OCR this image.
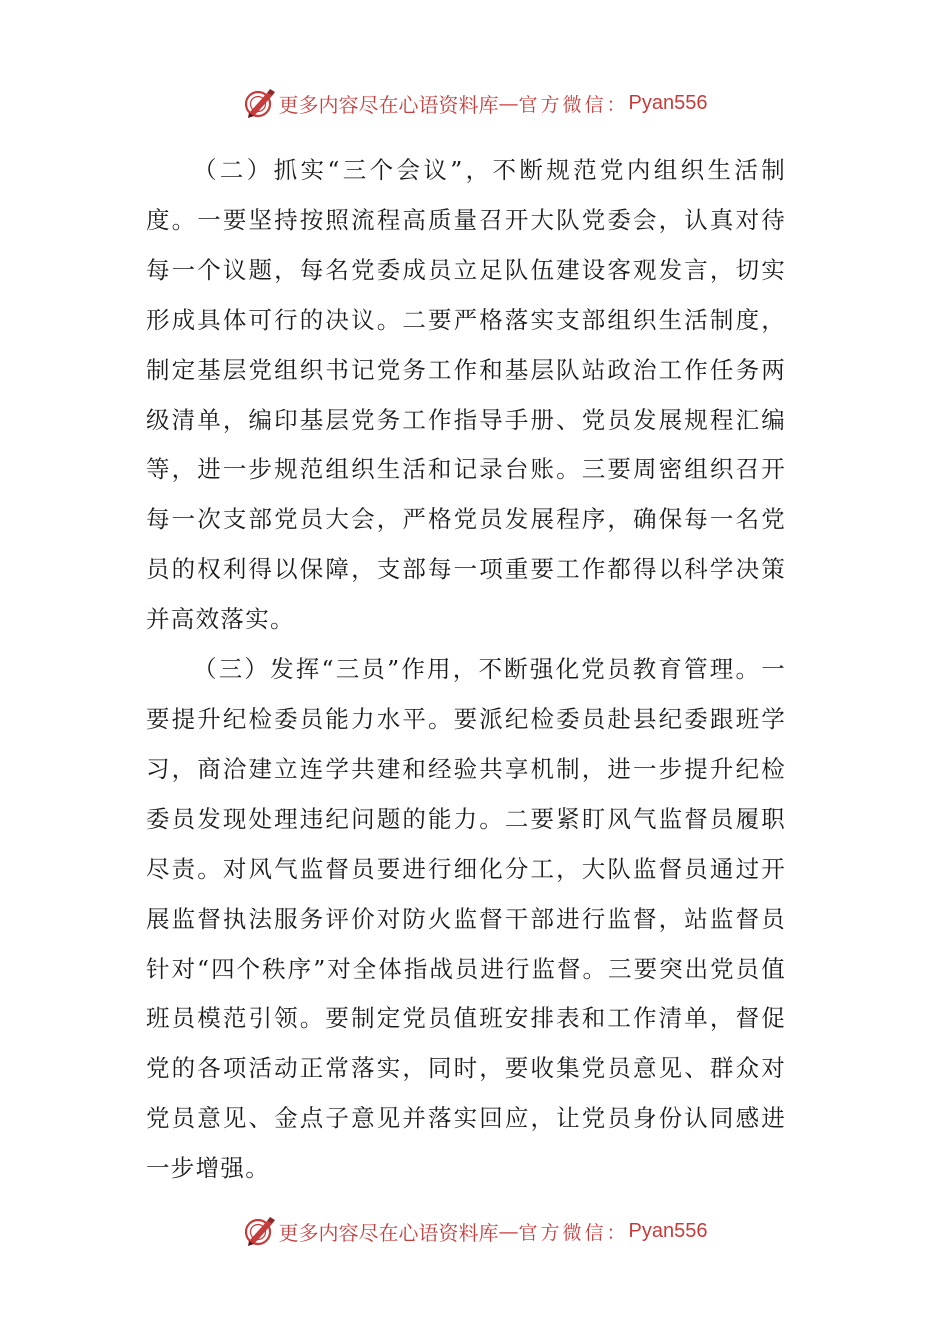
更多内容尽在心语资料库 — 官方微信： Pyan556

（二）抓实“三个会议”，不断规范党内组织生活制度。一要坚持按照流程高质量召开大队党委会，认真对待每一个议题，每名党委成员立足队伍建设客观发言，切实形成具体可行的决议。二要严格落实支部组织生活制度，制定基层党组织书记党务工作和基层队站政治工作任务两级清单，编印基层党务工作指导手册、党员发展规程汇编等，进一步规范组织生活和记录台账。三要周密组织召开每一次支部党员大会，严格党员发展程序，确保每一名党员的权利得以保障，支部每一项重要工作都得以科学决策并高效落实。

（三）发挥“三员”作用，不断强化党员教育管理。一要提升纪检委员能力水平。要派纪检委员赴县纪委跟班学习，商洽建立连学共建和经验共享机制，进一步提升纪检委员发现处理违纪问题的能力。二要紧盯风气监督员履职尽责。对风气监督员要进行细化分工，大队监督员通过开展监督执法服务评价对防火监督干部进行监督，站监督员针对“四个秩序”对全体指战员进行监督。三要突出党员值班员模范引领。要制定党员值班安排表和工作清单，督促党的各项活动正常落实，同时，要收集党员意见、群众对党员意见、金点子意见并落实回应，让党员身份认同感进一步增强。

更多内容尽在心语资料库 — 官方微信： Pyan556
